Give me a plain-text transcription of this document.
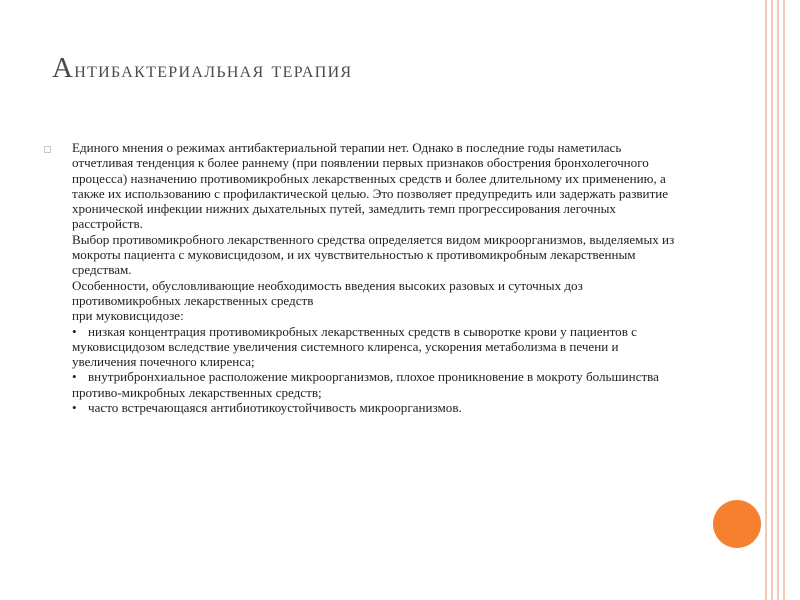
Антибактериальная терапия
Единого мнения о режимах антибактериальной терапии нет. Однако в последние годы наметилась отчетливая тенденция к более раннему (при появлении первых признаков обострения бронхолегочного процесса) назначению противомикробных лекарственных средств и более длительному их применению, а также их использованию с профилактической целью. Это позволяет предупредить или задержать развитие хронической инфекции нижних дыхательных путей, замедлить темп прогрессирования легочных расстройств.
Выбор противомикробного лекарственного средства определяется видом микроорганизмов, выделяемых из мокроты пациента с муковисцидозом, и их чувствительностью к противомикробным лекарственным средствам.
Особенности, обусловливающие необходимость введения высоких разовых и суточных доз противомикробных лекарственных средств
при муковисцидозе:
• низкая концентрация противомикробных лекарственных средств в сыворотке крови у пациентов с муковисцидозом вследствие увеличения системного клиренса, ускорения метаболизма в печени и увеличения почечного клиренса;
• внутрибронхиальное расположение микроорганизмов, плохое проникновение в мокроту большинства противо-микробных лекарственных средств;
• часто встречающаяся антибиотикоустойчивость микроорганизмов.
